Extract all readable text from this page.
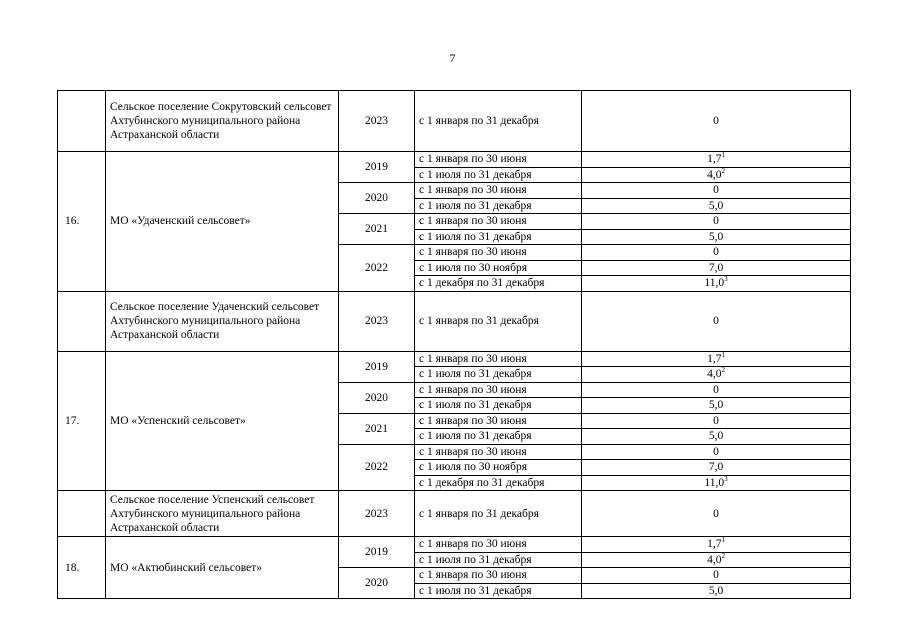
7
	Сельское поселение Сокрутовский сельсовет Ахтубинского муниципального района Астраханской области	2023	с 1 января по 31 декабря	0
16.	МО «Удаченский сельсовет»	2019	с 1 января по 30 июня	$1,7^1$
			с 1 июля по 31 декабря	$4,0^2$
		2020	с 1 января по 30 июня	0
			с 1 июля по 31 декабря	5,0
		2021	с 1 января по 30 июня	0
			с 1 июля по 31 декабря	5,0
		2022	с 1 января по 30 июня	0
			с 1 июля по 30 ноября	7,0
			с 1 декабря по 31 декабря	11,0$^3$
	Сельское поселение Удаченский сельсовет Ахтубинского муниципального района Астраханской области	2023	с 1 января по 31 декабря	0
17.	МО «Успенский сельсовет»	2019	с 1 января по 30 июня	$1,7^1$
			с 1 июля по 31 декабря	$4,0^2$
		2020	с 1 января по 30 июня	0
			с 1 июля по 31 декабря	5,0
		2021	с 1 января по 30 июня	0
			с 1 июля по 31 декабря	5,0
		2022	с 1 января по 30 июня	0
			с 1 июля по 30 ноября	7,0
			с 1 декабря по 31 декабря	11,0$^3$
	Сельское поселение Успенский сельсовет Ахтубинского муниципального района Астраханской области	2023	с 1 января по 31 декабря	0
18.	МО «Актюбинский сельсовет»	2019	с 1 января по 30 июня	$1,7^1$
			с 1 июля по 31 декабря	$4,0^2$
		2020	с 1 января по 30 июня	0
			с 1 июля по 31 декабря	5,0
